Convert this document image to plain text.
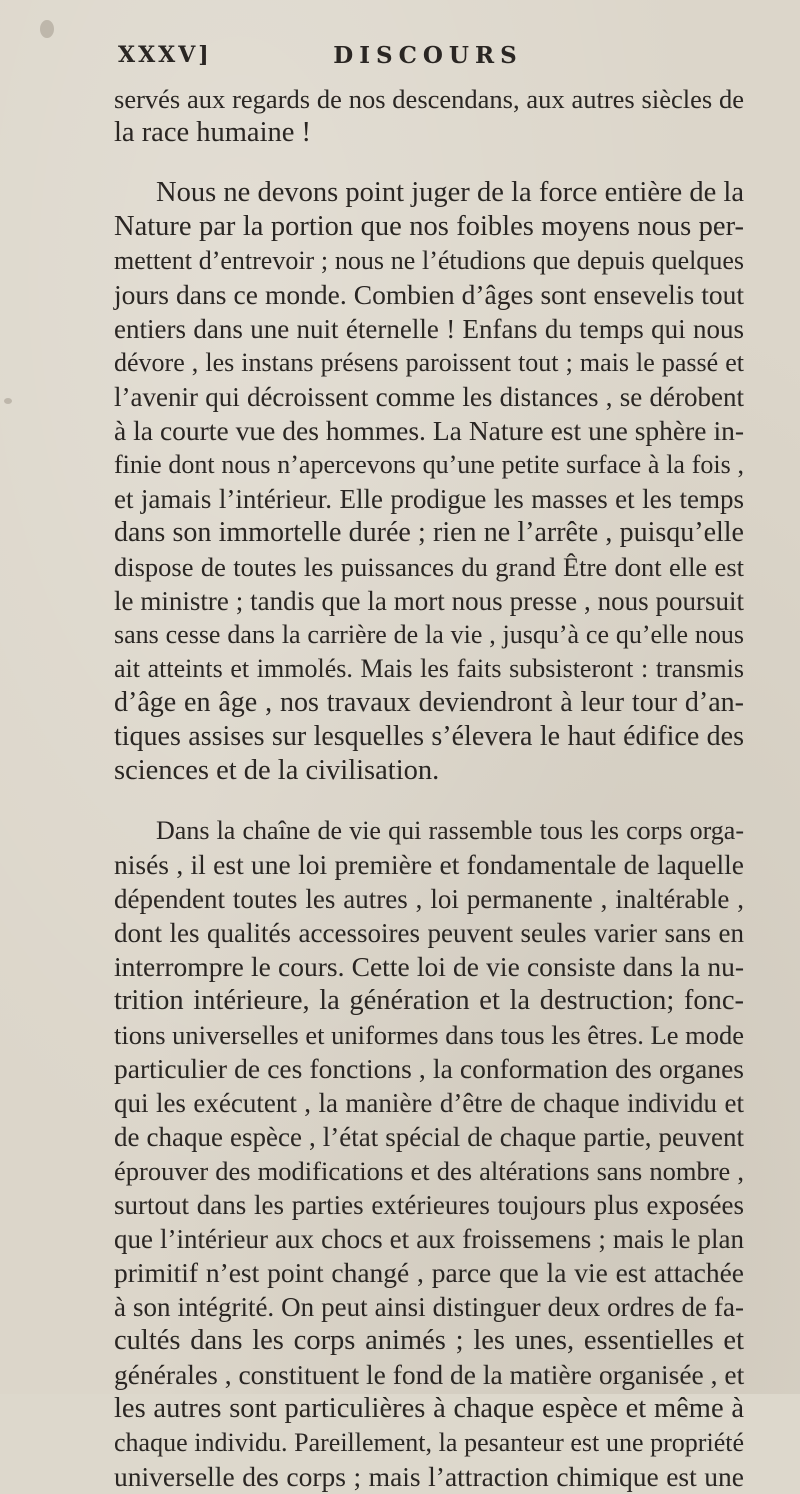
XXXV]	DISCOURS
servés aux regards de nos descendans, aux autres siècles de
la race humaine !
Nous ne devons point juger de la force entière de la
Nature par la portion que nos foibles moyens nous per-
mettent d’entrevoir ; nous ne l’étudions que depuis quelques
jours dans ce monde. Combien d’âges sont ensevelis tout
entiers dans une nuit éternelle ! Enfans du temps qui nous
dévore , les instans présens paroissent tout ; mais le passé et
l’avenir qui décroissent comme les distances , se dérobent
à la courte vue des hommes. La Nature est une sphère in-
finie dont nous n’apercevons qu’une petite surface à la fois ,
et jamais l’intérieur. Elle prodigue les masses et les temps
dans son immortelle durée ; rien ne l’arrête , puisqu’elle
dispose de toutes les puissances du grand Être dont elle est
le ministre ; tandis que la mort nous presse , nous poursuit
sans cesse dans la carrière de la vie , jusqu’à ce qu’elle nous
ait atteints et immolés. Mais les faits subsisteront : transmis
d’âge en âge , nos travaux deviendront à leur tour d’an-
tiques assises sur lesquelles s’élevera le haut édifice des
sciences et de la civilisation.
Dans la chaîne de vie qui rassemble tous les corps orga-
nisés , il est une loi première et fondamentale de laquelle
dépendent toutes les autres , loi permanente , inaltérable ,
dont les qualités accessoires peuvent seules varier sans en
interrompre le cours. Cette loi de vie consiste dans la nu-
trition intérieure, la génération et la destruction; fonc-
tions universelles et uniformes dans tous les êtres. Le mode
particulier de ces fonctions , la conformation des organes
qui les exécutent , la manière d’être de chaque individu et
de chaque espèce , l’état spécial de chaque partie, peuvent
éprouver des modifications et des altérations sans nombre ,
surtout dans les parties extérieures toujours plus exposées
que l’intérieur aux chocs et aux froissemens ; mais le plan
primitif n’est point changé , parce que la vie est attachée
à son intégrité. On peut ainsi distinguer deux ordres de fa-
cultés dans les corps animés ; les unes, essentielles et
générales , constituent le fond de la matière organisée , et
les autres sont particulières à chaque espèce et même à
chaque individu. Pareillement, la pesanteur est une propriété
universelle des corps ; mais l’attraction chimique est une
